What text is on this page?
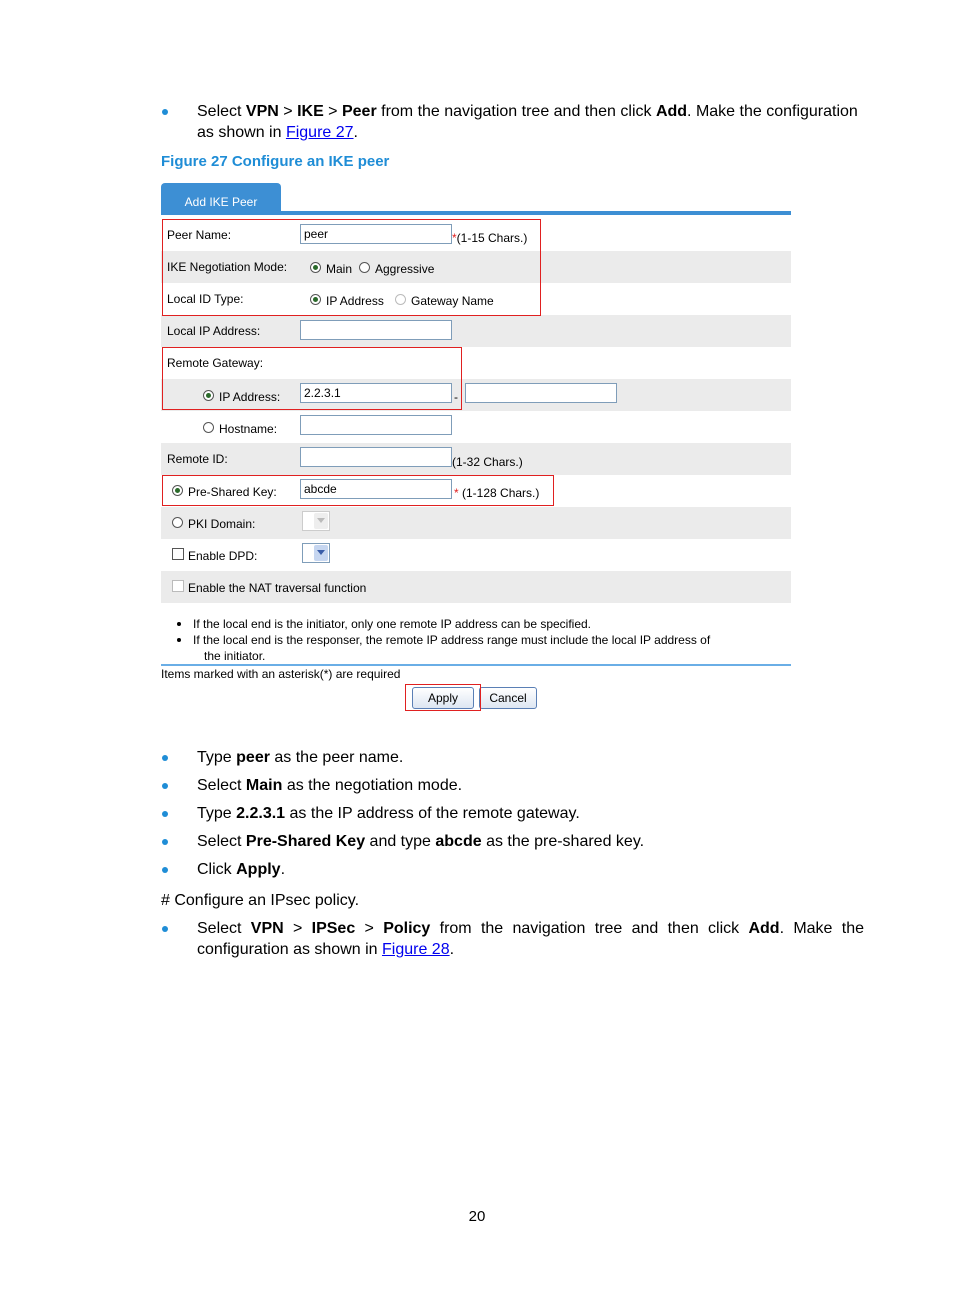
Select VPN > IKE > Peer from the navigation tree and then click Add. Make the configuration as shown in Figure 27.
Figure 27 Configure an IKE peer
Add IKE Peer
Peer Name:	peer	*(1-15 Chars.)
IKE Negotiation Mode:	Main Aggressive
Local ID Type:	IP Address Gateway Name
Local IP Address:
Remote Gateway:
IP Address:	2.2.3.1	-
Hostname:
Remote ID:	(1-32 Chars.)
Pre-Shared Key:	abcde	* (1-128 Chars.)
PKI Domain:
Enable DPD:
Enable the NAT traversal function
If the local end is the initiator, only one remote IP address can be specified.
If the local end is the responser, the remote IP address range must include the local IP address of
the initiator.
Items marked with an asterisk(*) are required
Apply	Cancel
Type peer as the peer name.
Select Main as the negotiation mode.
Type 2.2.3.1 as the IP address of the remote gateway.
Select Pre-Shared Key and type abcde as the pre-shared key.
Click Apply.
# Configure an IPsec policy.
Select VPN > IPSec > Policy from the navigation tree and then click Add. Make the configuration as shown in Figure 28.
20
